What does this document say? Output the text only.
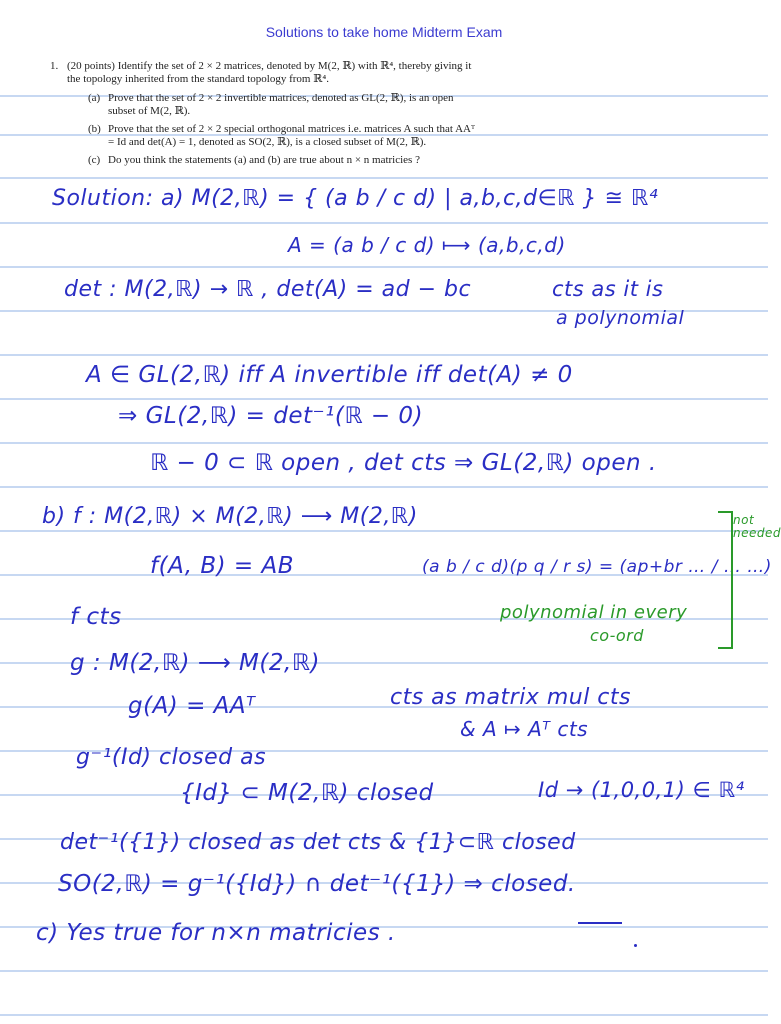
Solutions to take home Midterm Exam
1. (20 points) Identify the set of 2 × 2 matrices, denoted by M(2, ℝ) with ℝ⁴, thereby giving it the topology inherited from the standard topology from ℝ⁴.
(a) Prove that the set of 2 × 2 invertible matrices, denoted as GL(2, ℝ), is an open subset of M(2, ℝ).
(b) Prove that the set of 2 × 2 special orthogonal matrices i.e. matrices A such that AAᵀ = Id and det(A) = 1, denoted as SO(2, ℝ), is a closed subset of M(2, ℝ).
(c) Do you think the statements (a) and (b) are true about n × n matricies ?
Solution: a) M(2,ℝ) = { (a b / c d) | a,b,c,d∈ℝ } ≅ ℝ⁴
A = (a b / c d) ⟼ (a,b,c,d)
det : M(2,ℝ) → ℝ , det(A) = ad − bc	cts as it is
a polynomial
A ∈ GL(2,ℝ) iff A invertible iff det(A) ≠ 0
⇒ GL(2,ℝ) = det⁻¹(ℝ − 0)
ℝ − 0 ⊂ ℝ open , det cts ⇒ GL(2,ℝ) open .
b) f : M(2,ℝ) × M(2,ℝ) ⟶ M(2,ℝ)
f(A, B) = AB	(a b / c d)(p q / r s) = (ap+br … / … …)
f cts	polynomial in every
co-ord
g : M(2,ℝ) ⟶ M(2,ℝ)
g(A) = AAᵀ	cts as matrix mul cts
& A ↦ Aᵀ cts
g⁻¹(Id) closed as
{Id} ⊂ M(2,ℝ) closed	Id → (1,0,0,1) ∈ ℝ⁴
det⁻¹({1}) closed as det cts & {1}⊂ℝ closed
SO(2,ℝ) = g⁻¹({Id}) ∩ det⁻¹({1}) ⇒ closed.
c) Yes true for n×n matricies .
not needed
